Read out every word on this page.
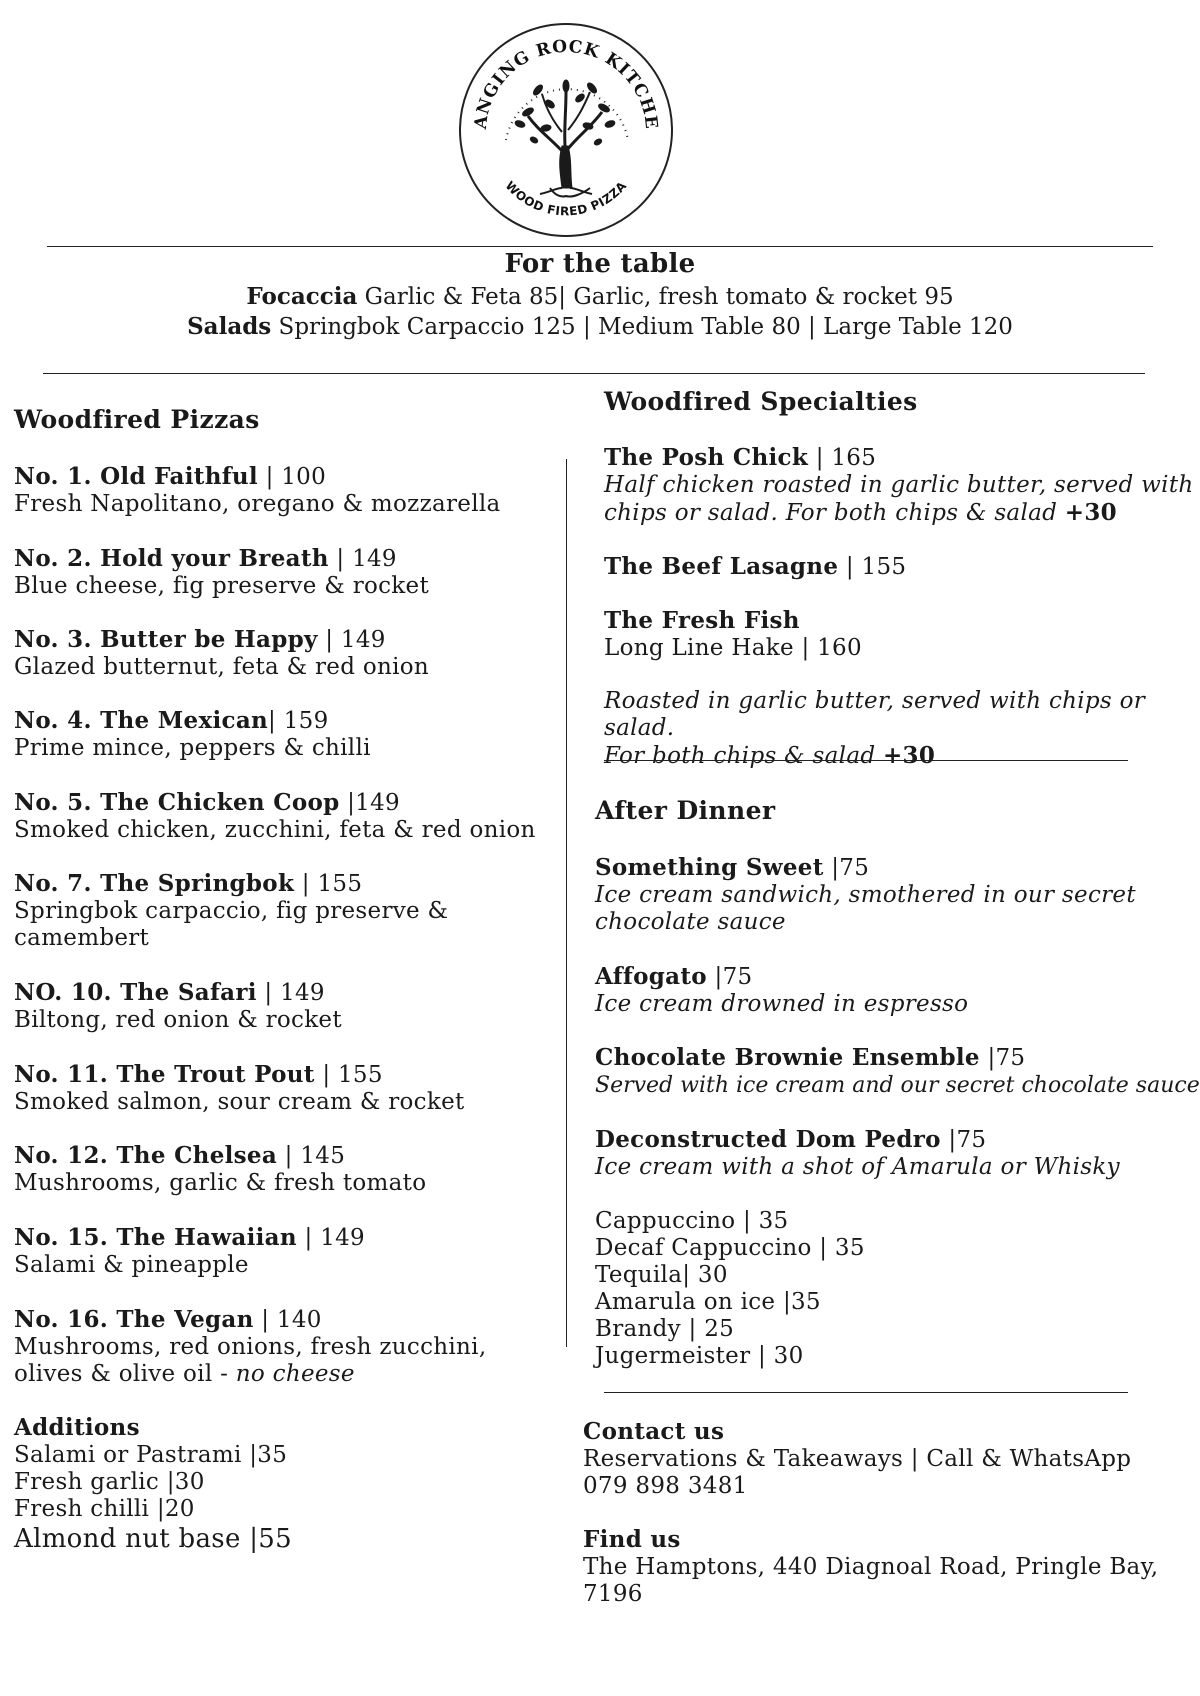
ANGING ROCK KITCHE
WOOD FIRED PIZZA
For the table
Focaccia Garlic & Feta 85| Garlic, fresh tomato & rocket 95
Salads Springbok Carpaccio 125 | Medium Table 80 | Large Table 120
Woodfired Pizzas
No. 1. Old Faithful | 100
Fresh Napolitano, oregano & mozzarella
No. 2. Hold your Breath | 149
Blue cheese, fig preserve & rocket
No. 3. Butter be Happy | 149
Glazed butternut, feta & red onion
No. 4. The Mexican| 159
Prime mince, peppers & chilli
No. 5. The Chicken Coop |149
Smoked chicken, zucchini, feta & red onion
No. 7. The Springbok | 155
Springbok carpaccio, fig preserve &
camembert
NO. 10. The Safari | 149
Biltong, red onion & rocket
No. 11. The Trout Pout | 155
Smoked salmon, sour cream & rocket
No. 12. The Chelsea | 145
Mushrooms, garlic & fresh tomato
No. 15. The Hawaiian | 149
Salami & pineapple
No. 16. The Vegan | 140
Mushrooms, red onions, fresh zucchini,
olives & olive oil - no cheese
Additions
Salami or Pastrami |35
Fresh garlic |30
Fresh chilli |20
Almond nut base |55
Woodfired Specialties
The Posh Chick | 165
Half chicken roasted in garlic butter, served with
chips or salad. For both chips & salad +30
The Beef Lasagne | 155
The Fresh Fish
Long Line Hake | 160
Roasted in garlic butter, served with chips or salad.
For both chips & salad +30
After Dinner
Something Sweet |75
Ice cream sandwich, smothered in our secret
chocolate sauce
Affogato |75
Ice cream drowned in espresso
Chocolate Brownie Ensemble |75
Served with ice cream and our secret chocolate sauce
Deconstructed Dom Pedro |75
Ice cream with a shot of Amarula or Whisky
Cappuccino | 35
Decaf Cappuccino | 35
Tequila| 30
Amarula on ice |35
Brandy | 25
Jugermeister | 30
Contact us
Reservations & Takeaways | Call & WhatsApp
079 898 3481
Find us
The Hamptons, 440 Diagnoal Road, Pringle Bay,
7196
